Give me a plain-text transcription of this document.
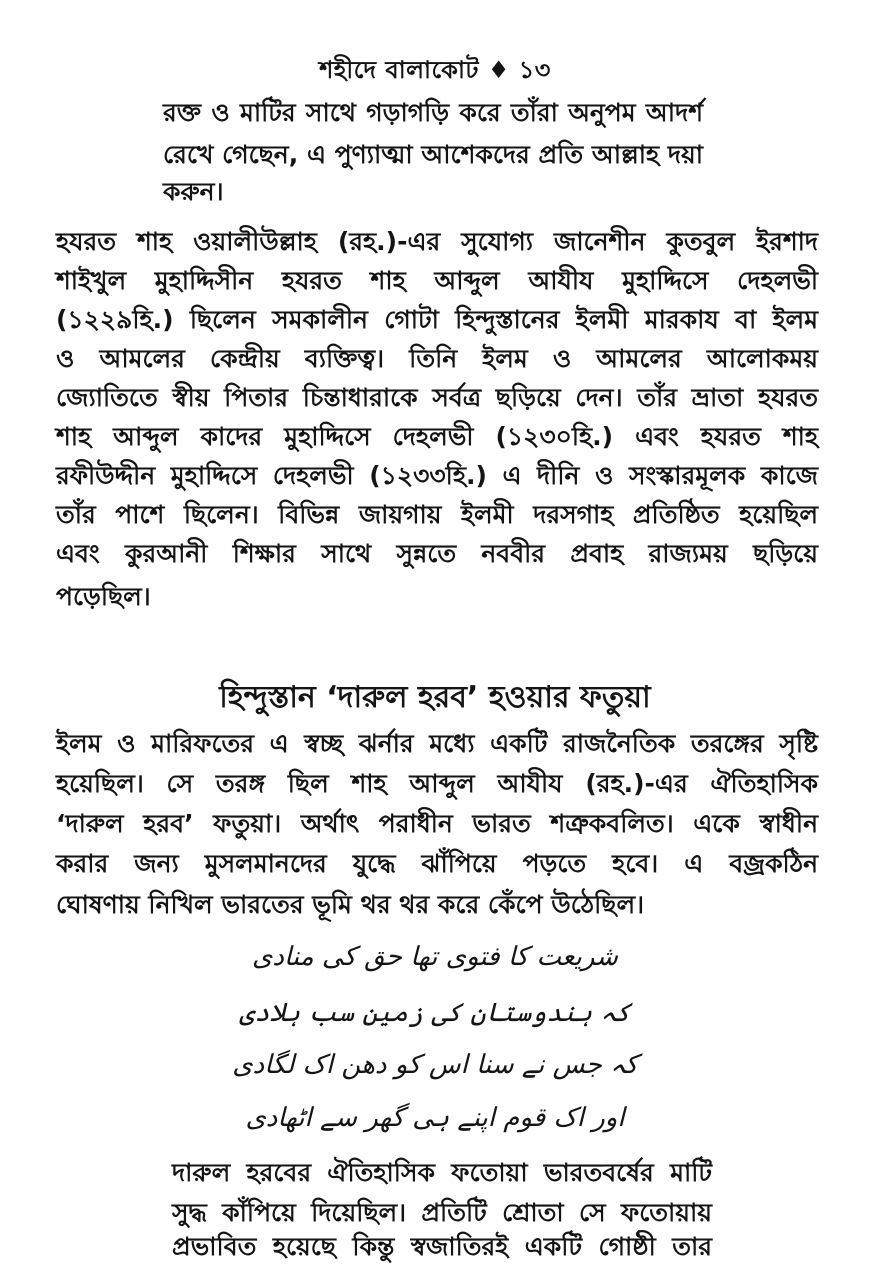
শহীদে বালাকোট ♦ ১৩
রক্ত ও মাটির সাথে গড়াগড়ি করে তাঁরা অনুপম আদর্শ
রেখে গেছেন, এ পুণ্যাত্মা আশেকদের প্রতি আল্লাহ দয়া
করুন।
হযরত শাহ ওয়ালীউল্লাহ (রহ.)-এর সুযোগ্য জানেশীন কুতবুল ইরশাদ
শাইখুল মুহাদ্দিসীন হযরত শাহ আব্দুল আযীয মুহাদ্দিসে দেহলভী
(১২২৯হি.) ছিলেন সমকালীন গোটা হিন্দুস্তানের ইলমী মারকায বা ইলম
ও আমলের কেন্দ্রীয় ব্যক্তিত্ব। তিনি ইলম ও আমলের আলোকময়
জ্যোতিতে স্বীয় পিতার চিন্তাধারাকে সর্বত্র ছড়িয়ে দেন। তাঁর ভ্রাতা হযরত
শাহ আব্দুল কাদের মুহাদ্দিসে দেহলভী (১২৩০হি.) এবং হযরত শাহ
রফীউদ্দীন মুহাদ্দিসে দেহলভী (১২৩৩হি.) এ দীনি ও সংস্কারমূলক কাজে
তাঁর পাশে ছিলেন। বিভিন্ন জায়গায় ইলমী দরসগাহ প্রতিষ্ঠিত হয়েছিল
এবং কুরআনী শিক্ষার সাথে সুন্নতে নববীর প্রবাহ রাজ্যময় ছড়িয়ে
পড়েছিল।
হিন্দুস্তান ‘দারুল হরব’ হওয়ার ফতুয়া
ইলম ও মারিফতের এ স্বচ্ছ ঝর্নার মধ্যে একটি রাজনৈতিক তরঙ্গের সৃষ্টি
হয়েছিল। সে তরঙ্গ ছিল শাহ আব্দুল আযীয (রহ.)-এর ঐতিহাসিক
‘দারুল হরব’ ফতুয়া। অর্থাৎ পরাধীন ভারত শত্রুকবলিত। একে স্বাধীন
করার জন্য মুসলমানদের যুদ্ধে ঝাঁপিয়ে পড়তে হবে। এ বজ্রকঠিন
ঘোষণায় নিখিল ভারতের ভূমি থর থর করে কেঁপে উঠেছিল।
شریعت کا فتوی تھا حق کی منادی
کہ ہندوستان کی زمین سب ہلادی
کہ جس نے سنا اس کو دھن اک لگادی
اور اک قوم اپنے ہی گھر سے اٹھادی
দারুল হরবের ঐতিহাসিক ফতোয়া ভারতবর্ষের মাটি
সুদ্ধ কাঁপিয়ে দিয়েছিল। প্রতিটি শ্রোতা সে ফতোয়ায়
প্রভাবিত হয়েছে কিন্তু স্বজাতিরই একটি গোষ্ঠী তার
